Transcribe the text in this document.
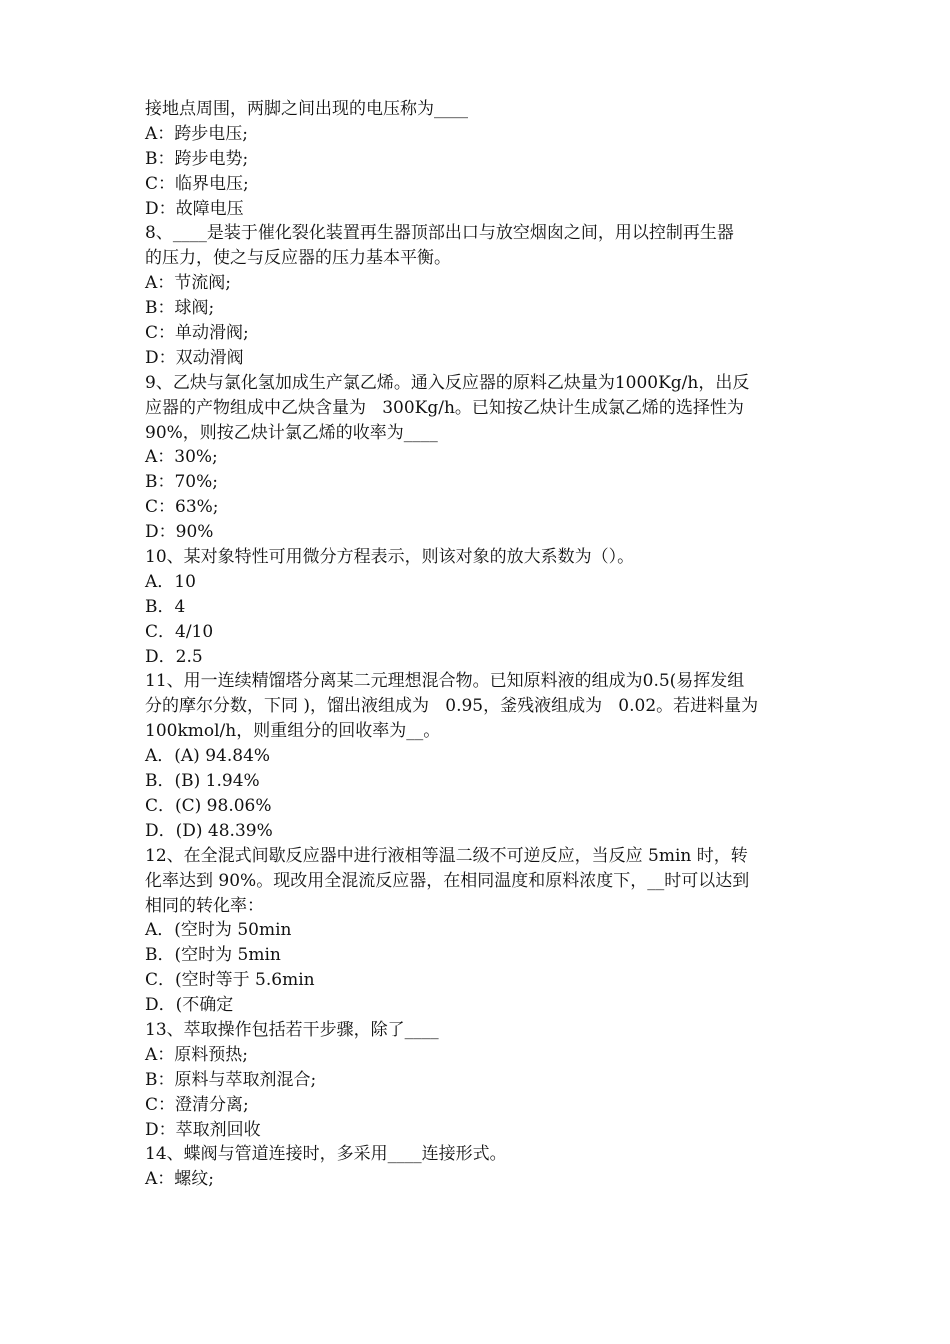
接地点周围，两脚之间出现的电压称为____
A：跨步电压;
B：跨步电势;
C：临界电压;
D：故障电压
8、____是装于催化裂化装置再生器顶部出口与放空烟囱之间，用以控制再生器
的压力，使之与反应器的压力基本平衡。
A：节流阀;
B：球阀;
C：单动滑阀;
D：双动滑阀
9、乙炔与氯化氢加成生产氯乙烯。通入反应器的原料乙炔量为1000Kg/h，出反
应器的产物组成中乙炔含量为   300Kg/h。已知按乙炔计生成氯乙烯的选择性为
90%，则按乙炔计氯乙烯的收率为____
A：30%;
B：70%;
C：63%;
D：90%
10、某对象特性可用微分方程表示，则该对象的放大系数为（）。
A．10
B．4
C．4/10
D．2.5
11、用一连续精馏塔分离某二元理想混合物。已知原料液的组成为0.5(易挥发组
分的摩尔分数，下同 )，馏出液组成为   0.95，釜残液组成为   0.02。若进料量为
100kmol/h，则重组分的回收率为__。
A．(A) 94.84%
B．(B) 1.94%
C．(C) 98.06%
D．(D) 48.39%
12、在全混式间歇反应器中进行液相等温二级不可逆反应，当反应 5min 时，转
化率达到 90%。现改用全混流反应器，在相同温度和原料浓度下，__时可以达到
相同的转化率：
A．(空时为 50min
B．(空时为 5min
C．(空时等于 5.6min
D．(不确定
13、萃取操作包括若干步骤，除了____
A：原料预热;
B：原料与萃取剂混合;
C：澄清分离;
D：萃取剂回收
14、蝶阀与管道连接时，多采用____连接形式。
A：螺纹;
